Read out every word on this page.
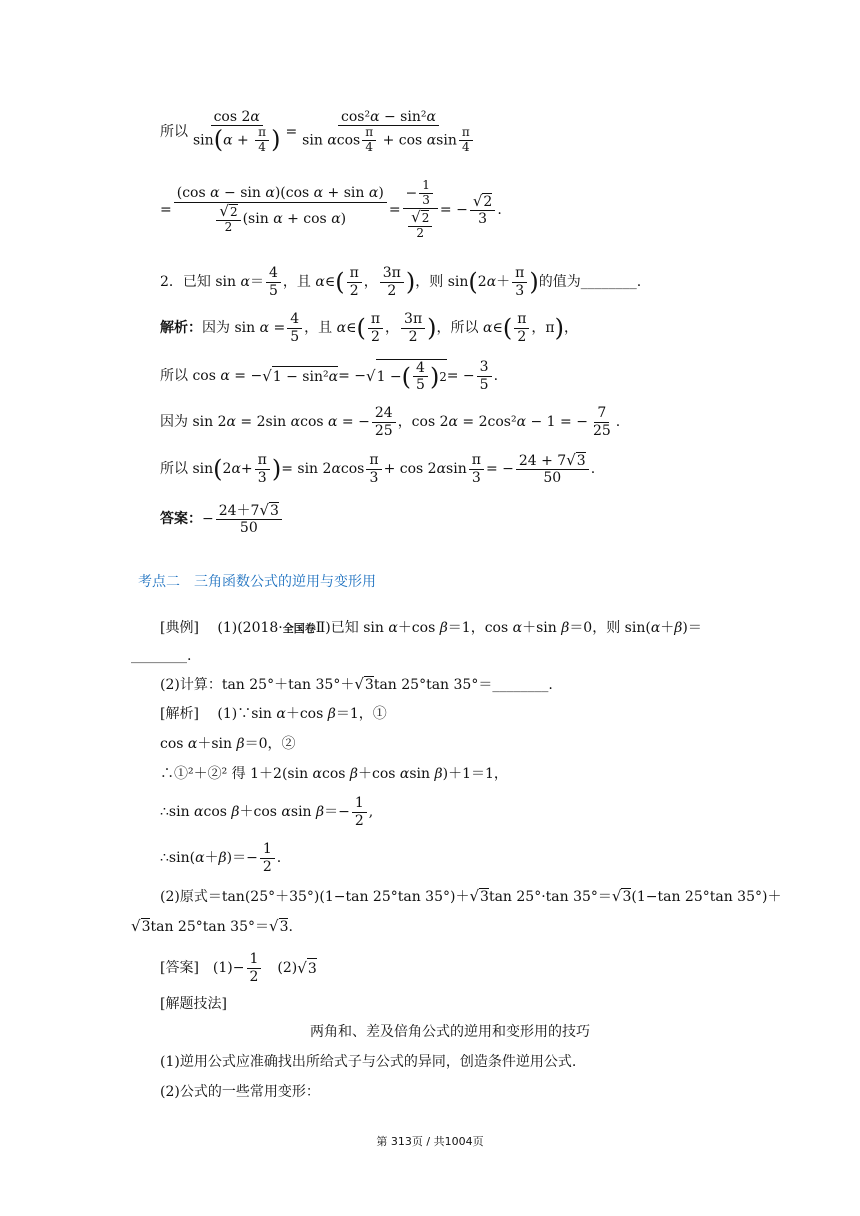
所以 $\frac{\cos 2\alpha}{\sin(\alpha + \frac{\pi}{4} )} = \frac{\text{cos²α − sin²α}}{\sin \alpha\cos \frac{\pi}{4} + \cos \alpha\sin \frac{\pi}{4}}$
= $\frac{\text{(cos α − sin α)(cos α + sin α)}}{\frac{√2}{2} (\sin \alpha + \cos \alpha)} = \frac{- \frac{1}{3}}{\frac{√2}{2}}$ = − $\frac{√2}{3}$ .
2．已知 $\sin \alpha= \frac{4}{5}$ ，且 α∈ ( $\frac{\pi}{2}$ ， $\frac{3\pi}{2}$ ) ，则 sin ( 2 $\alpha + \frac{\pi}{3}$ ) 的值为________.
解析： 因为 $\sin \alpha = \frac{4}{5}$ ，且 α∈ ( $\frac{\pi}{2}$ ， $\frac{3\pi}{2}$ ) ，所以 α∈ ( $\frac{\pi}{2}$ ，π ) ，
所以 cos α = − √ 1 − sin²α = − √ 1 − ( $\frac{4}{5}$ ) 2 = − $\frac{3}{5}$ .
因为 sin 2α = 2sin αcos α = − $\frac{24}{25}$ ，cos 2α = 2cos²α − 1 = − $\frac{7}{25}$ .
所以 sin ( 2 $\alpha + \frac{\pi}{3}$ ) = $\sin 2\alpha\cos \frac{\pi}{3} + \cos 2\alpha\sin \frac{\pi}{3}$ = − $\frac{24 + 7√3}{50}$ .
答案： − $\frac{24+7√3}{50}$
考点二　三角函数公式的逆用与变形用
[典例] 　(1)(2018·全国卷Ⅱ)已知 sin α＋cos β＝1，cos α＋sin β＝0，则 sin(α＋β)＝
________.
(2)计算：tan 25°＋tan 35°＋√3tan 25°tan 35°＝________.
[解析] 　(1)∵sin α＋cos β＝1，①
cos α＋sin β＝0，②
∴①²＋②² 得 1＋2(sin αcos β＋cos αsin β)＋1＝1，
∴sin αcos β＋cos αsin $\beta=- \frac{1}{2}$ ,
∴sin(α＋β)＝− $\frac{1}{2}$ .
(2)原式＝tan(25°＋35°)(1−tan 25°tan 35°)＋√3tan 25°·tan 35°＝√3(1−tan 25°tan 35°)＋
√3tan 25°tan 35°＝√3.
[答案] 　$(1)- \frac{1}{2}$ 　(2) √ 3
[解题技法]
两角和、差及倍角公式的逆用和变形用的技巧
(1)逆用公式应准确找出所给式子与公式的异同，创造条件逆用公式.
(2)公式的一些常用变形：
第 313页 / 共1004页
